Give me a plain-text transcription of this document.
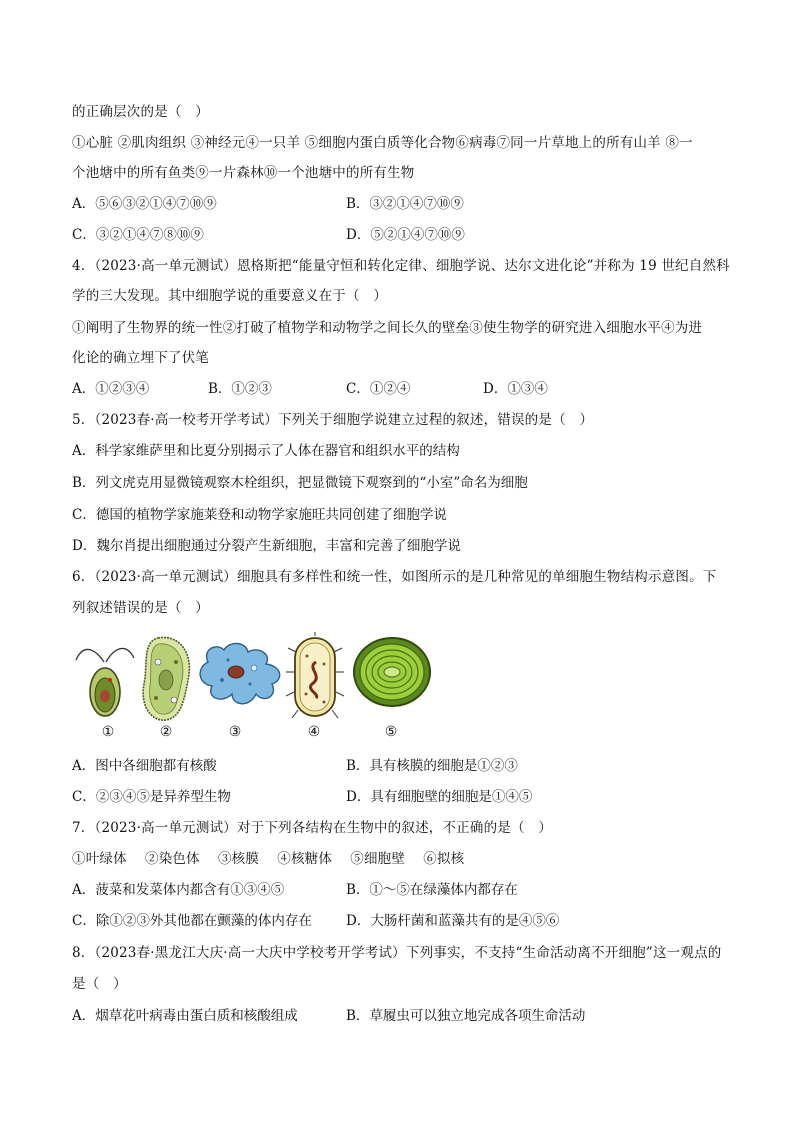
的正确层次的是（　）
①心脏 ②肌肉组织 ③神经元④一只羊 ⑤细胞内蛋白质等化合物⑥病毒⑦同一片草地上的所有山羊 ⑧一
个池塘中的所有鱼类⑨一片森林⑩一个池塘中的所有生物
A．⑤⑥③②①④⑦⑩⑨	B．③②①④⑦⑩⑨
C．③②①④⑦⑧⑩⑨	D．⑤②①④⑦⑩⑨
4．（2023·高一单元测试）恩格斯把“能量守恒和转化定律、细胞学说、达尔文进化论”并称为 19 世纪自然科
学的三大发现。其中细胞学说的重要意义在于（　）
①阐明了生物界的统一性②打破了植物学和动物学之间长久的壁垒③使生物学的研究进入细胞水平④为进
化论的确立埋下了伏笔
A．①②③④	B．①②③	C．①②④	D．①③④
5．（2023春·高一校考开学考试）下列关于细胞学说建立过程的叙述，错误的是（　）
A．科学家维萨里和比夏分别揭示了人体在器官和组织水平的结构
B．列文虎克用显微镜观察木栓组织，把显微镜下观察到的“小室”命名为细胞
C．德国的植物学家施莱登和动物学家施旺共同创建了细胞学说
D．魏尔肖提出细胞通过分裂产生新细胞，丰富和完善了细胞学说
6．（2023·高一单元测试）细胞具有多样性和统一性，如图所示的是几种常见的单细胞生物结构示意图。下
列叙述错误的是（　）
①	②	③	④	⑤
A．图中各细胞都有核酸	B．具有核膜的细胞是①②③
C．②③④⑤是异养型生物	D．具有细胞壁的细胞是①④⑤
7．（2023·高一单元测试）对于下列各结构在生物中的叙述，不正确的是（　）
①叶绿体　 ②染色体　 ③核膜　 ④核糖体　 ⑤细胞壁　 ⑥拟核
A．菠菜和发菜体内都含有①③④⑤	B．①～⑤在绿藻体内都存在
C．除①②③外其他都在颤藻的体内存在	D．大肠杆菌和蓝藻共有的是④⑤⑥
8．（2023春·黑龙江大庆·高一大庆中学校考开学考试）下列事实，不支持“生命活动离不开细胞”这一观点的
是（　）
A．烟草花叶病毒由蛋白质和核酸组成	B．草履虫可以独立地完成各项生命活动
